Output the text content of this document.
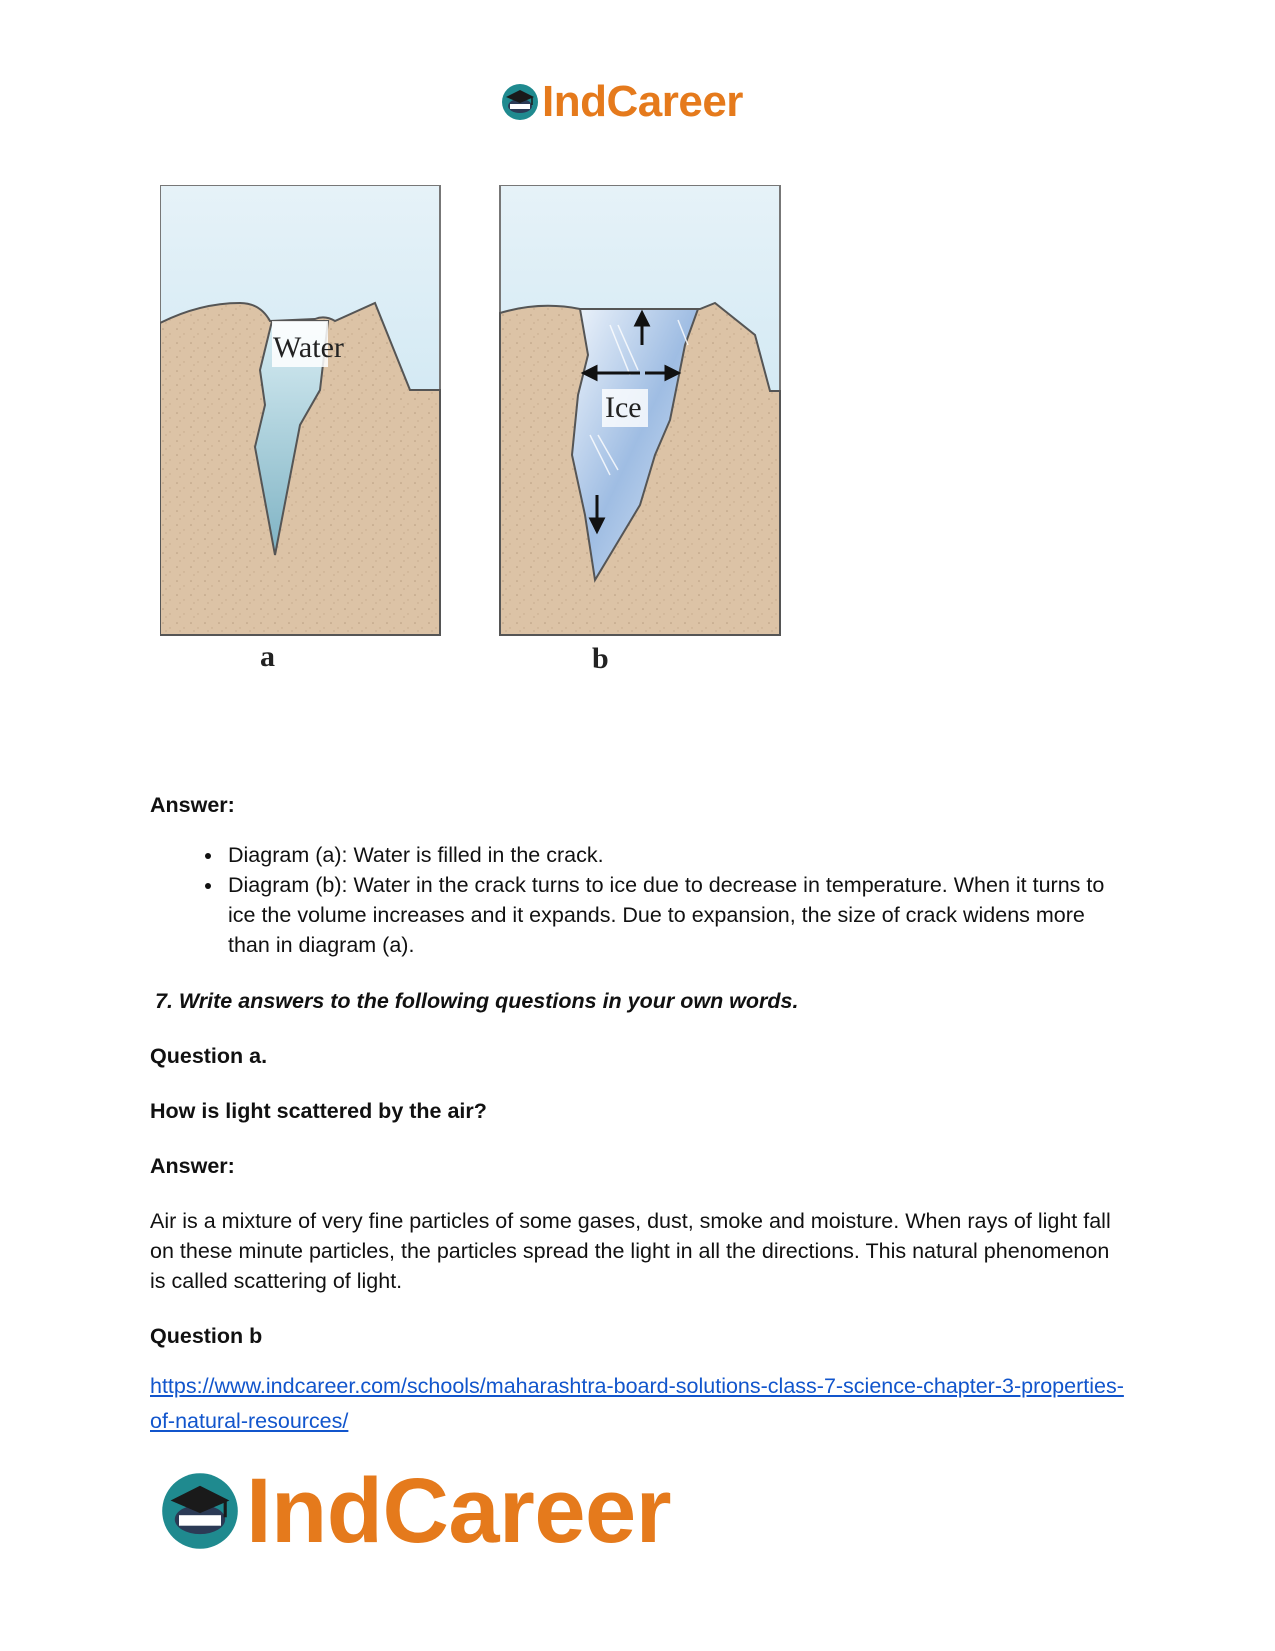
IndCareer
Water
Ice
a	b

Answer:

• Diagram (a): Water is filled in the crack.
• Diagram (b): Water in the crack turns to ice due to decrease in temperature. When it turns to ice the volume increases and it expands. Due to expansion, the size of crack widens more than in diagram (a).

7. Write answers to the following questions in your own words.

Question a.

How is light scattered by the air?

Answer:

Air is a mixture of very fine particles of some gases, dust, smoke and moisture. When rays of light fall on these minute particles, the particles spread the light in all the directions. This natural phenomenon is called scattering of light.

Question b

https://www.indcareer.com/schools/maharashtra-board-solutions-class-7-science-chapter-3-properties-of-natural-resources/
IndCareer
